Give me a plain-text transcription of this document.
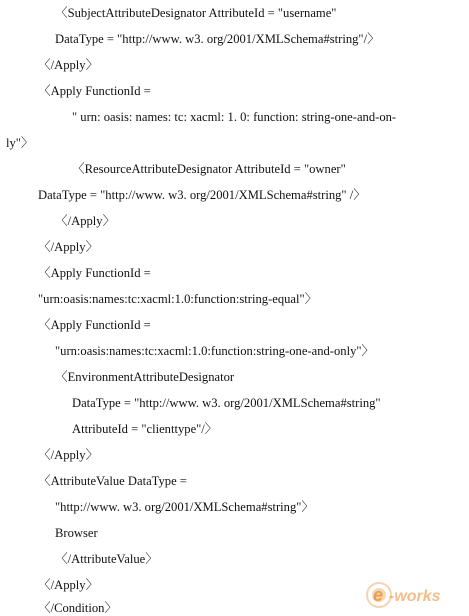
〈SubjectAttributeDesignator AttributeId = "username"
DataType = "http://www. w3. org/2001/XMLSchema#string"/〉
〈/Apply〉
〈Apply FunctionId =
" urn: oasis: names: tc: xacml: 1. 0: function: string-one-and-on-
ly"〉
〈ResourceAttributeDesignator AttributeId = "owner"
DataType = "http://www. w3. org/2001/XMLSchema#string" /〉
〈/Apply〉
〈/Apply〉
〈Apply FunctionId =
"urn:oasis:names:tc:xacml:1.0:function:string-equal"〉
〈Apply FunctionId =
"urn:oasis:names:tc:xacml:1.0:function:string-one-and-only"〉
〈EnvironmentAttributeDesignator
DataType = "http://www. w3. org/2001/XMLSchema#string"
AttributeId = "clienttype"/〉
〈/Apply〉
〈AttributeValue DataType =
"http://www. w3. org/2001/XMLSchema#string"〉
Browser
〈/AttributeValue〉
〈/Apply〉
〈/Condition〉
e -works
